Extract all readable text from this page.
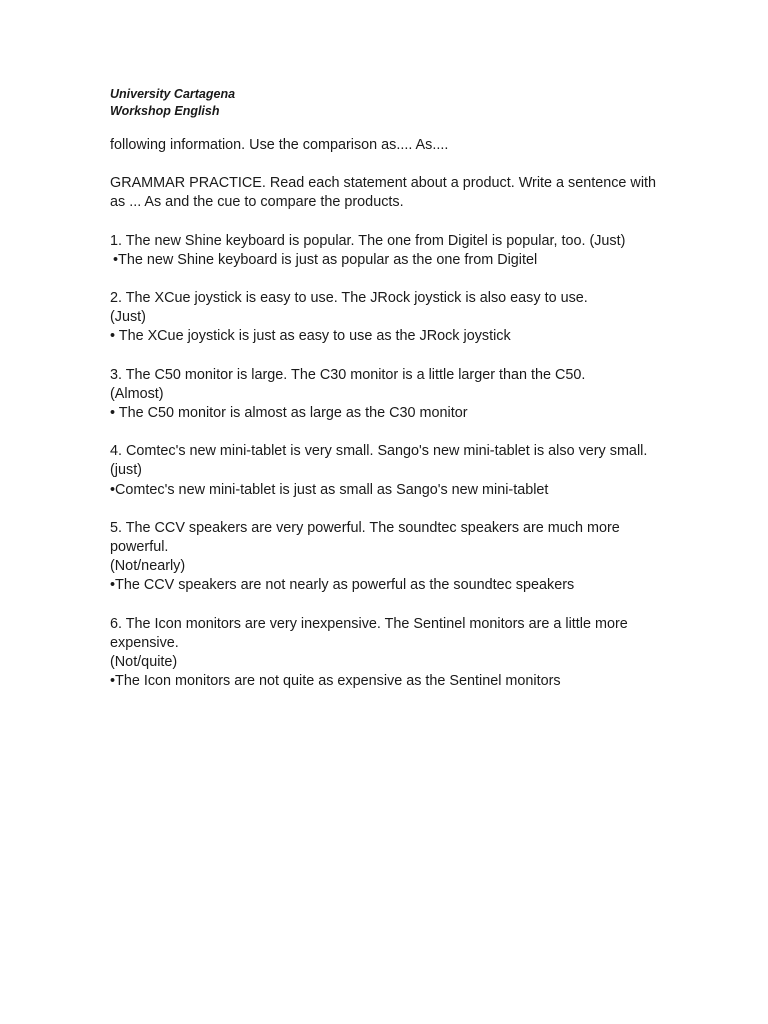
University Cartagena

Workshop English

following information. Use the comparison as.... As....

GRAMMAR PRACTICE. Read each statement about a product. Write a sentence with as ... As and the cue to compare the products.

1. The new Shine keyboard is popular. The one from Digitel is popular, too. (Just)

•The new Shine keyboard is just as popular as the one from Digitel

2. The XCue joystick is easy to use. The JRock joystick is also easy to use.

(Just)

• The XCue joystick is just as easy to use as the JRock joystick

3. The C50 monitor is large. The C30 monitor is a little larger than the C50.

(Almost)

• The C50 monitor is almost as large as the C30 monitor

4. Comtec's new mini-tablet is very small. Sango's new mini-tablet is also very small.

(just)

•Comtec's new mini-tablet is just as small as Sango's new mini-tablet

5. The CCV speakers are very powerful. The soundtec speakers are much more powerful.

(Not/nearly)

•The CCV speakers are not nearly as powerful as the soundtec speakers

6. The Icon monitors are very inexpensive. The Sentinel monitors are a little more expensive.

(Not/quite)

•The Icon monitors are not quite as expensive as the Sentinel monitors
